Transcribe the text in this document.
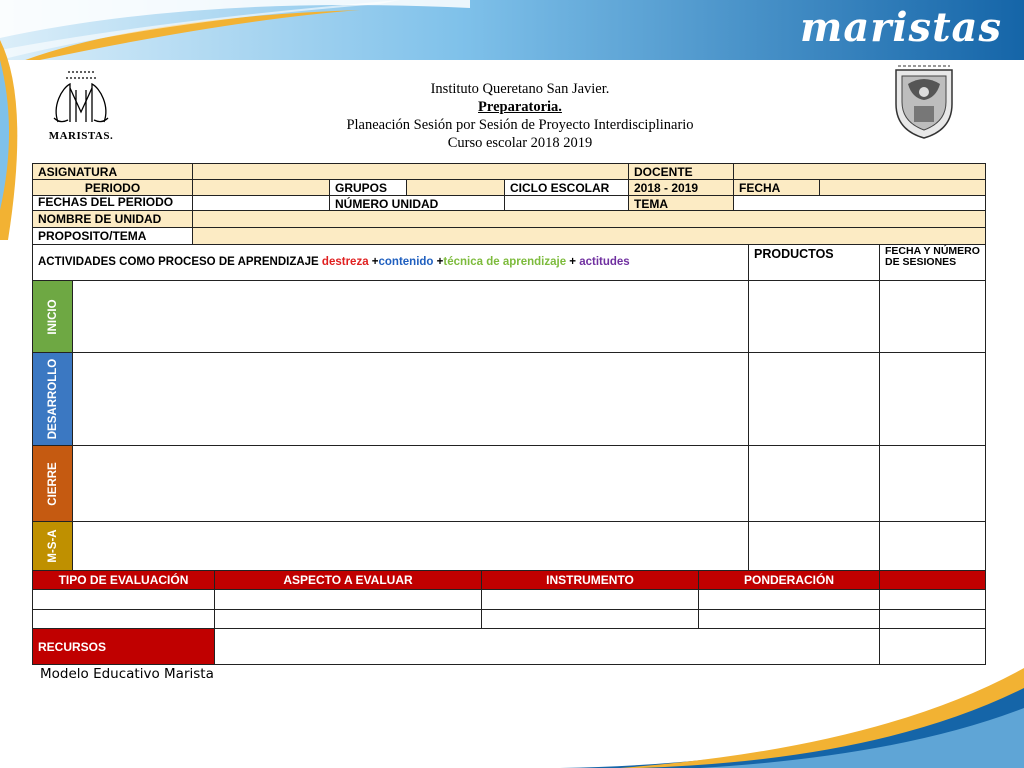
maristas
MARISTAS.
Instituto Queretano San Javier.
Preparatoria.
Planeación Sesión por Sesión de Proyecto Interdisciplinario
Curso escolar 2018 2019
ASIGNATURA	DOCENTE
PERIODO	GRUPOS	CICLO ESCOLAR	2018 - 2019	FECHA
FECHAS DEL PERIODO	NÚMERO UNIDAD	TEMA
NOMBRE DE UNIDAD
PROPOSITO/TEMA
ACTIVIDADES COMO PROCESO DE APRENDIZAJE destreza +contenido +técnica de aprendizaje + actitudes
PRODUCTOS	FECHA Y NÚMERO DE SESIONES
INICIO
DESARROLLO
CIERRE
M-S-A
TIPO DE EVALUACIÓN	ASPECTO A EVALUAR	INSTRUMENTO	PONDERACIÓN
RECURSOS
Modelo Educativo Marista
